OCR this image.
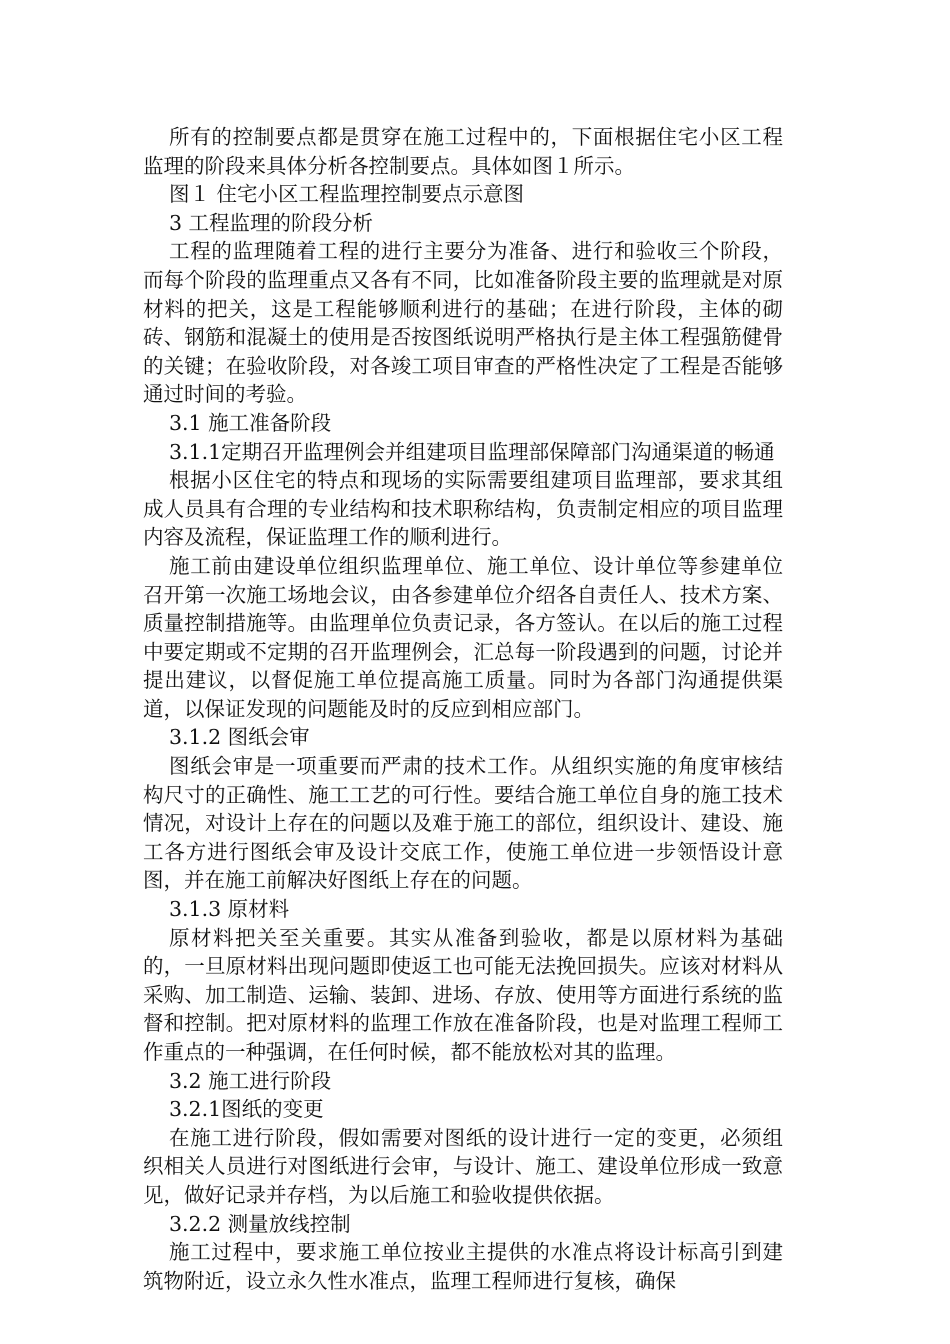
所有的控制要点都是贯穿在施工过程中的，下面根据住宅小区工程监理的阶段来具体分析各控制要点。具体如图１所示。

图１ 住宅小区工程监理控制要点示意图

3 工程监理的阶段分析

工程的监理随着工程的进行主要分为准备、进行和验收三个阶段，而每个阶段的监理重点又各有不同，比如准备阶段主要的监理就是对原材料的把关，这是工程能够顺利进行的基础；在进行阶段，主体的砌砖、钢筋和混凝土的使用是否按图纸说明严格执行是主体工程强筋健骨的关键；在验收阶段，对各竣工项目审查的严格性决定了工程是否能够通过时间的考验。

3.1 施工准备阶段

3.1.1定期召开监理例会并组建项目监理部保障部门沟通渠道的畅通

根据小区住宅的特点和现场的实际需要组建项目监理部，要求其组成人员具有合理的专业结构和技术职称结构，负责制定相应的项目监理内容及流程，保证监理工作的顺利进行。

施工前由建设单位组织监理单位、施工单位、设计单位等参建单位召开第一次施工场地会议，由各参建单位介绍各自责任人、技术方案、质量控制措施等。由监理单位负责记录，各方签认。在以后的施工过程中要定期或不定期的召开监理例会，汇总每一阶段遇到的问题，讨论并提出建议，以督促施工单位提高施工质量。同时为各部门沟通提供渠道，以保证发现的问题能及时的反应到相应部门。

3.1.2 图纸会审

图纸会审是一项重要而严肃的技术工作。从组织实施的角度审核结构尺寸的正确性、施工工艺的可行性。要结合施工单位自身的施工技术情况，对设计上存在的问题以及难于施工的部位，组织设计、建设、施工各方进行图纸会审及设计交底工作，使施工单位进一步领悟设计意图，并在施工前解决好图纸上存在的问题。

3.1.3 原材料

原材料把关至关重要。其实从准备到验收，都是以原材料为基础的，一旦原材料出现问题即使返工也可能无法挽回损失。应该对材料从采购、加工制造、运输、装卸、进场、存放、使用等方面进行系统的监督和控制。把对原材料的监理工作放在准备阶段，也是对监理工程师工作重点的一种强调，在任何时候，都不能放松对其的监理。

3.2 施工进行阶段

3.2.1图纸的变更

在施工进行阶段，假如需要对图纸的设计进行一定的变更，必须组织相关人员进行对图纸进行会审，与设计、施工、建设单位形成一致意见，做好记录并存档，为以后施工和验收提供依据。

3.2.2 测量放线控制

施工过程中，要求施工单位按业主提供的水准点将设计标高引到建筑物附近，设立永久性水准点，监理工程师进行复核，确保
